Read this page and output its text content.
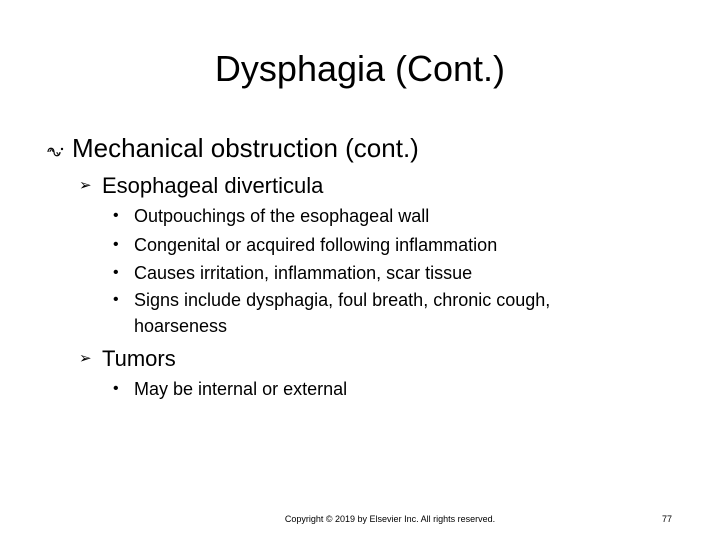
Dysphagia (Cont.)
Mechanical obstruction (cont.)
➢ Esophageal diverticula
• Outpouchings of the esophageal wall
• Congenital or acquired following inflammation
• Causes irritation, inflammation, scar tissue
• Signs include dysphagia, foul breath, chronic cough,
hoarseness
➢ Tumors
• May be internal or external
Copyright © 2019 by Elsevier Inc. All rights reserved.	77
